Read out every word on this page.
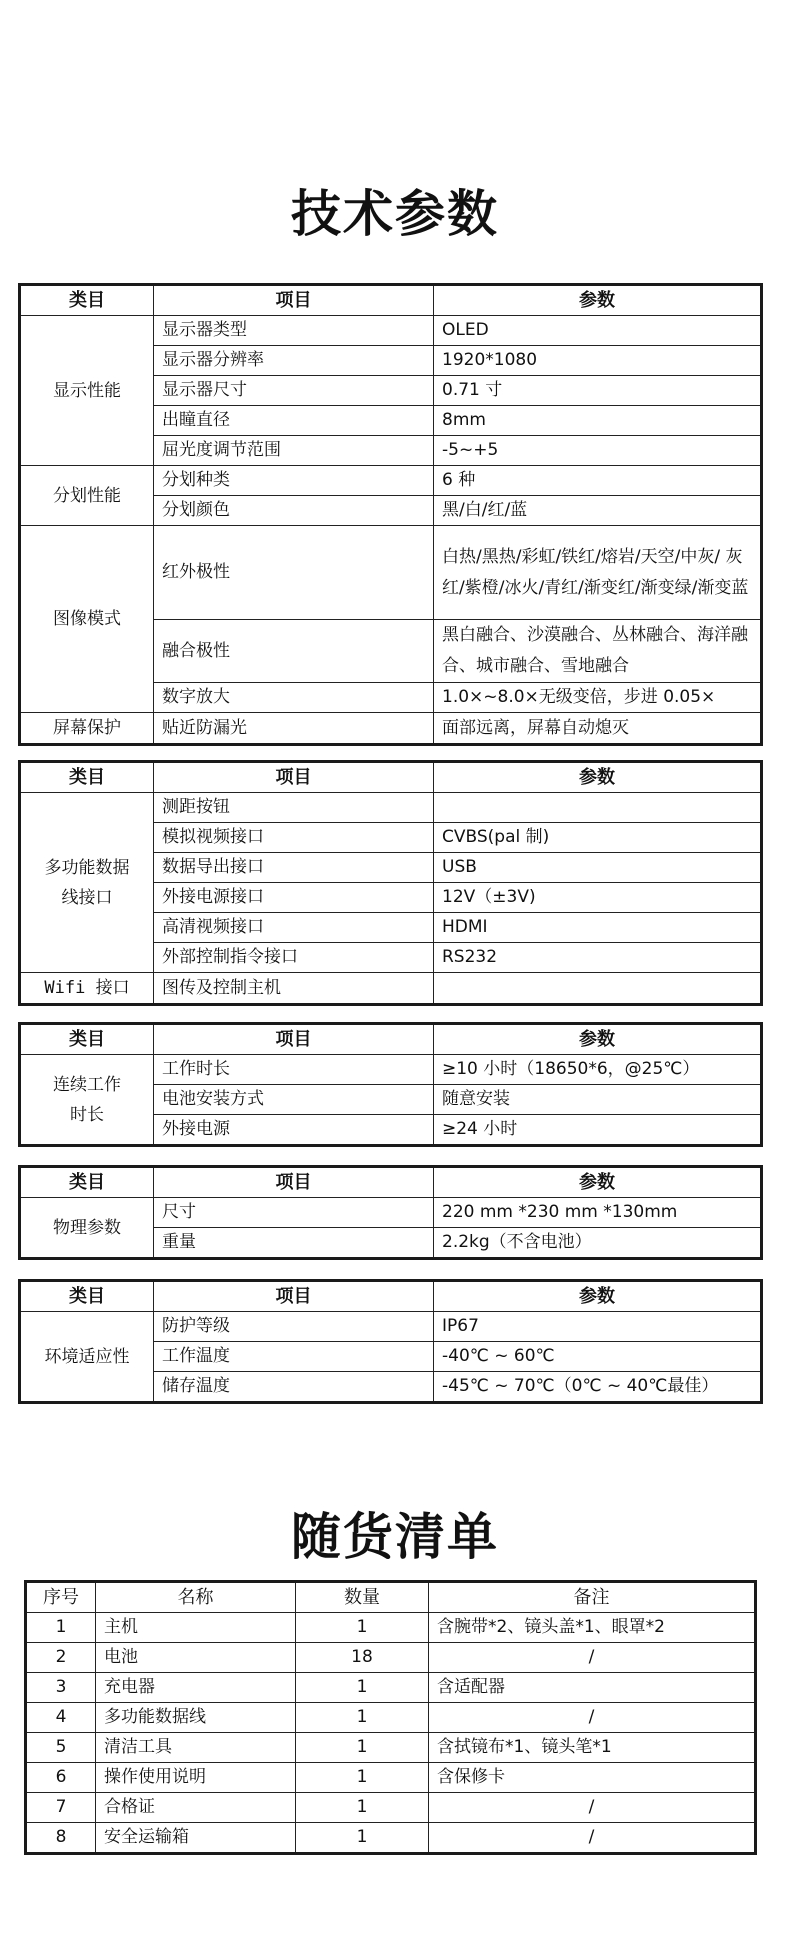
技术参数
类目	项目	参数
显示性能	显示器类型	OLED
	显示器分辨率	1920*1080
	显示器尺寸	0.71 寸
	出瞳直径	8mm
	屈光度调节范围	-5~+5
分划性能	分划种类	6 种
	分划颜色	黑/白/红/蓝
图像模式	红外极性	白热/黑热/彩虹/铁红/熔岩/天空/中灰/ 灰红/紫橙/冰火/青红/渐变红/渐变绿/渐变蓝
	融合极性	黑白融合、沙漠融合、丛林融合、海洋融合、城市融合、雪地融合
	数字放大	1.0×~8.0×无级变倍，步进 0.05×
屏幕保护	贴近防漏光	面部远离，屏幕自动熄灭
类目	项目	参数

多功能数据
线接口	测距按钮	
	模拟视频接口	CVBS(pal 制)
	数据导出接口	USB
	外接电源接口	12V（±3V)
	高清视频接口	HDMI
	外部控制指令接口	RS232
Wifi 接口	图传及控制主机	
类目	项目	参数

连续工作
时长	工作时长	≥10 小时（18650*6，@25℃）
	电池安装方式	随意安装
	外接电源	≥24 小时
类目	项目	参数
物理参数	尺寸	220 mm *230 mm *130mm
	重量	2.2kg（不含电池）
类目	项目	参数
环境适应性	防护等级	IP67
	工作温度	-40℃ ~ 60℃
	储存温度	-45℃ ~ 70℃（0℃ ~ 40℃最佳）
随货清单
序号	名称	数量	备注
1	主机	1	含腕带*2、镜头盖*1、眼罩*2
2	电池	18	/
3	充电器	1	含适配器
4	多功能数据线	1	/
5	清洁工具	1	含拭镜布*1、镜头笔*1
6	操作使用说明	1	含保修卡
7	合格证	1	/
8	安全运输箱	1	/
